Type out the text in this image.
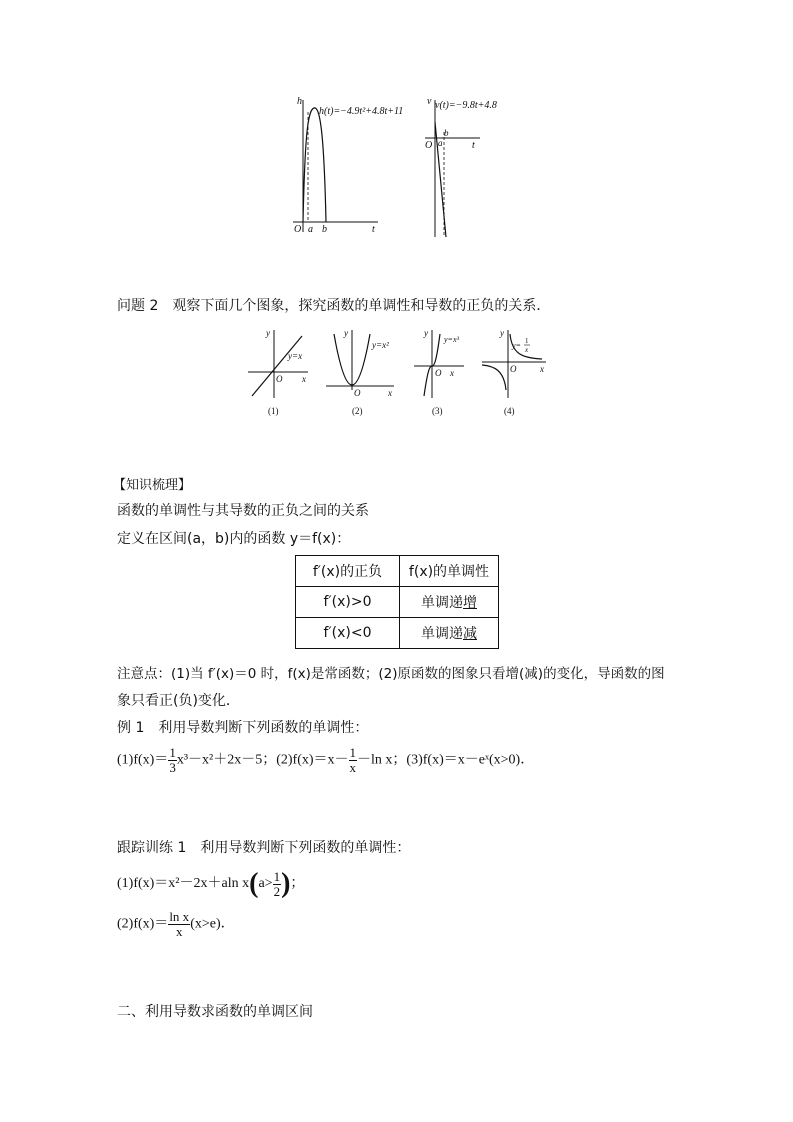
h
t
O a b
h(t)=−4.9t²+4.8t+11
v
t
O a
b
v(t)=−9.8t+4.8
问题 2　 观察下面几个图象，探究函数的单调性和导数的正负的关系．
y
x
O
y=x
(1)
y
x
O
y=x²
(2)
y
x
O
y=x³
(3)
y
x
O
y= 1
x
(4)
【知识梳理】
函数的单调性与其导数的正负之间的关系
定义在区间(a，b)内的函数 y＝f(x)：
f′(x)的正负	f(x)的单调性
f′(x)>0	单调递增
f′(x)<0	单调递减
注意点：(1)当 f′(x)＝0 时，f(x)是常函数；(2)原函数的图象只看增(减)的变化，导函数的图
象只看正(负)变化．
例 1　利用导数判断下列函数的单调性：
$(1)f(x)= \frac{1}{3} x^3-x^2+2x-5$；$(2)f(x)=x- \frac{1}{x} -\ln$ x；(3)f(x)＝x－eˣ(x>0)．
跟踪训练 1　利用导数判断下列函数的单调性：
(1)f(x)＝x²－2x＋aln $x(a> \frac{1}{2}$ )；
$(2)f(x)= \frac{\text{ln x}}{x} (x>e)$．
二、利用导数求函数的单调区间
